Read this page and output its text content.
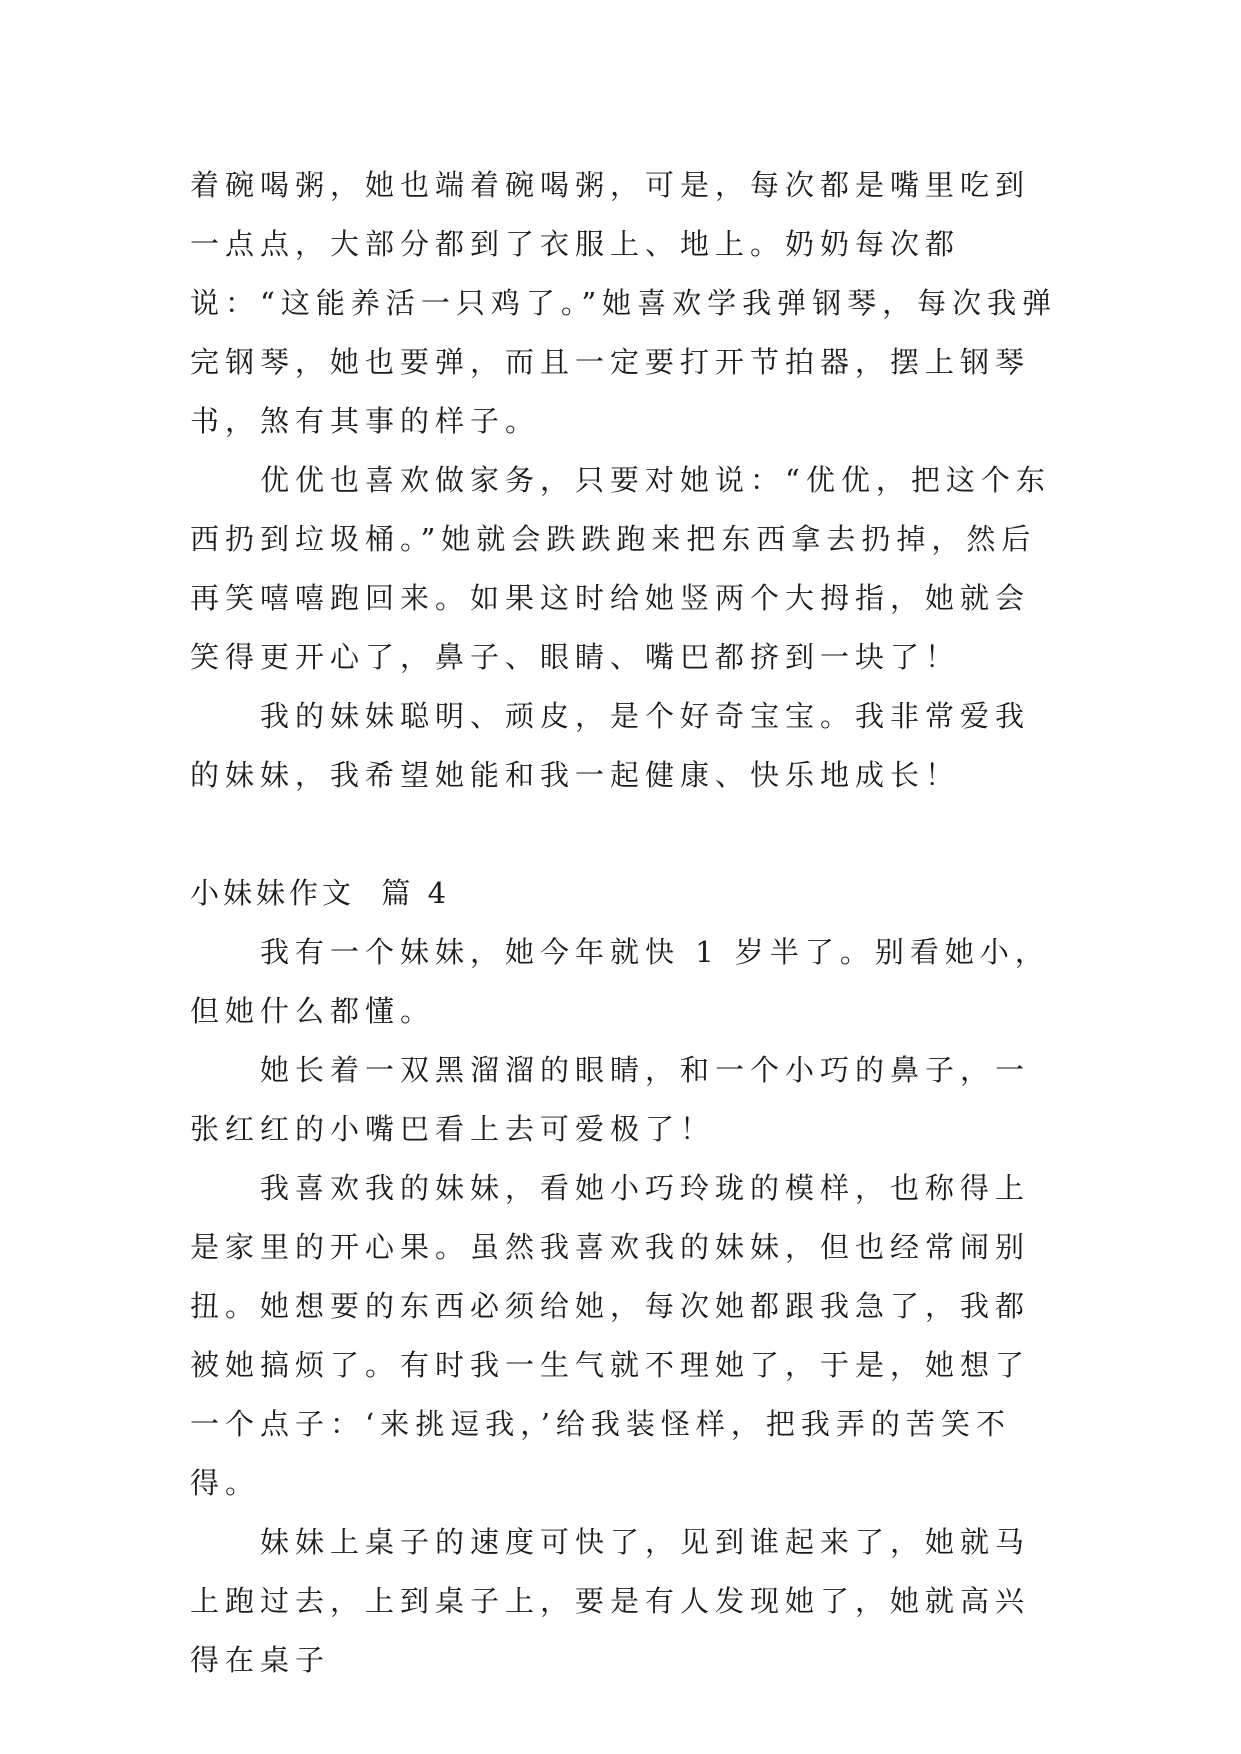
着碗喝粥，她也端着碗喝粥，可是，每次都是嘴里吃到一点点，大部分都到了衣服上、地上。奶奶每次都说：“这能养活一只鸡了。”她喜欢学我弹钢琴，每次我弹完钢琴，她也要弹，而且一定要打开节拍器，摆上钢琴书，煞有其事的样子。

优优也喜欢做家务，只要对她说：“优优，把这个东西扔到垃圾桶。”她就会跌跌跑来把东西拿去扔掉，然后再笑嘻嘻跑回来。如果这时给她竖两个大拇指，她就会笑得更开心了，鼻子、眼睛、嘴巴都挤到一块了！

我的妹妹聪明、顽皮，是个好奇宝宝。我非常爱我的妹妹，我希望她能和我一起健康、快乐地成长！

小妹妹作文  篇 4

我有一个妹妹，她今年就快 1 岁半了。别看她小，但她什么都懂。

她长着一双黑溜溜的眼睛，和一个小巧的鼻子，一张红红的小嘴巴看上去可爱极了！

我喜欢我的妹妹，看她小巧玲珑的模样，也称得上是家里的开心果。虽然我喜欢我的妹妹，但也经常闹别扭。她想要的东西必须给她，每次她都跟我急了，我都被她搞烦了。有时我一生气就不理她了，于是，她想了一个点子：‘来挑逗我，’给我装怪样，把我弄的苦笑不得。

妹妹上桌子的速度可快了，见到谁起来了，她就马上跑过去，上到桌子上，要是有人发现她了，她就高兴得在桌子
